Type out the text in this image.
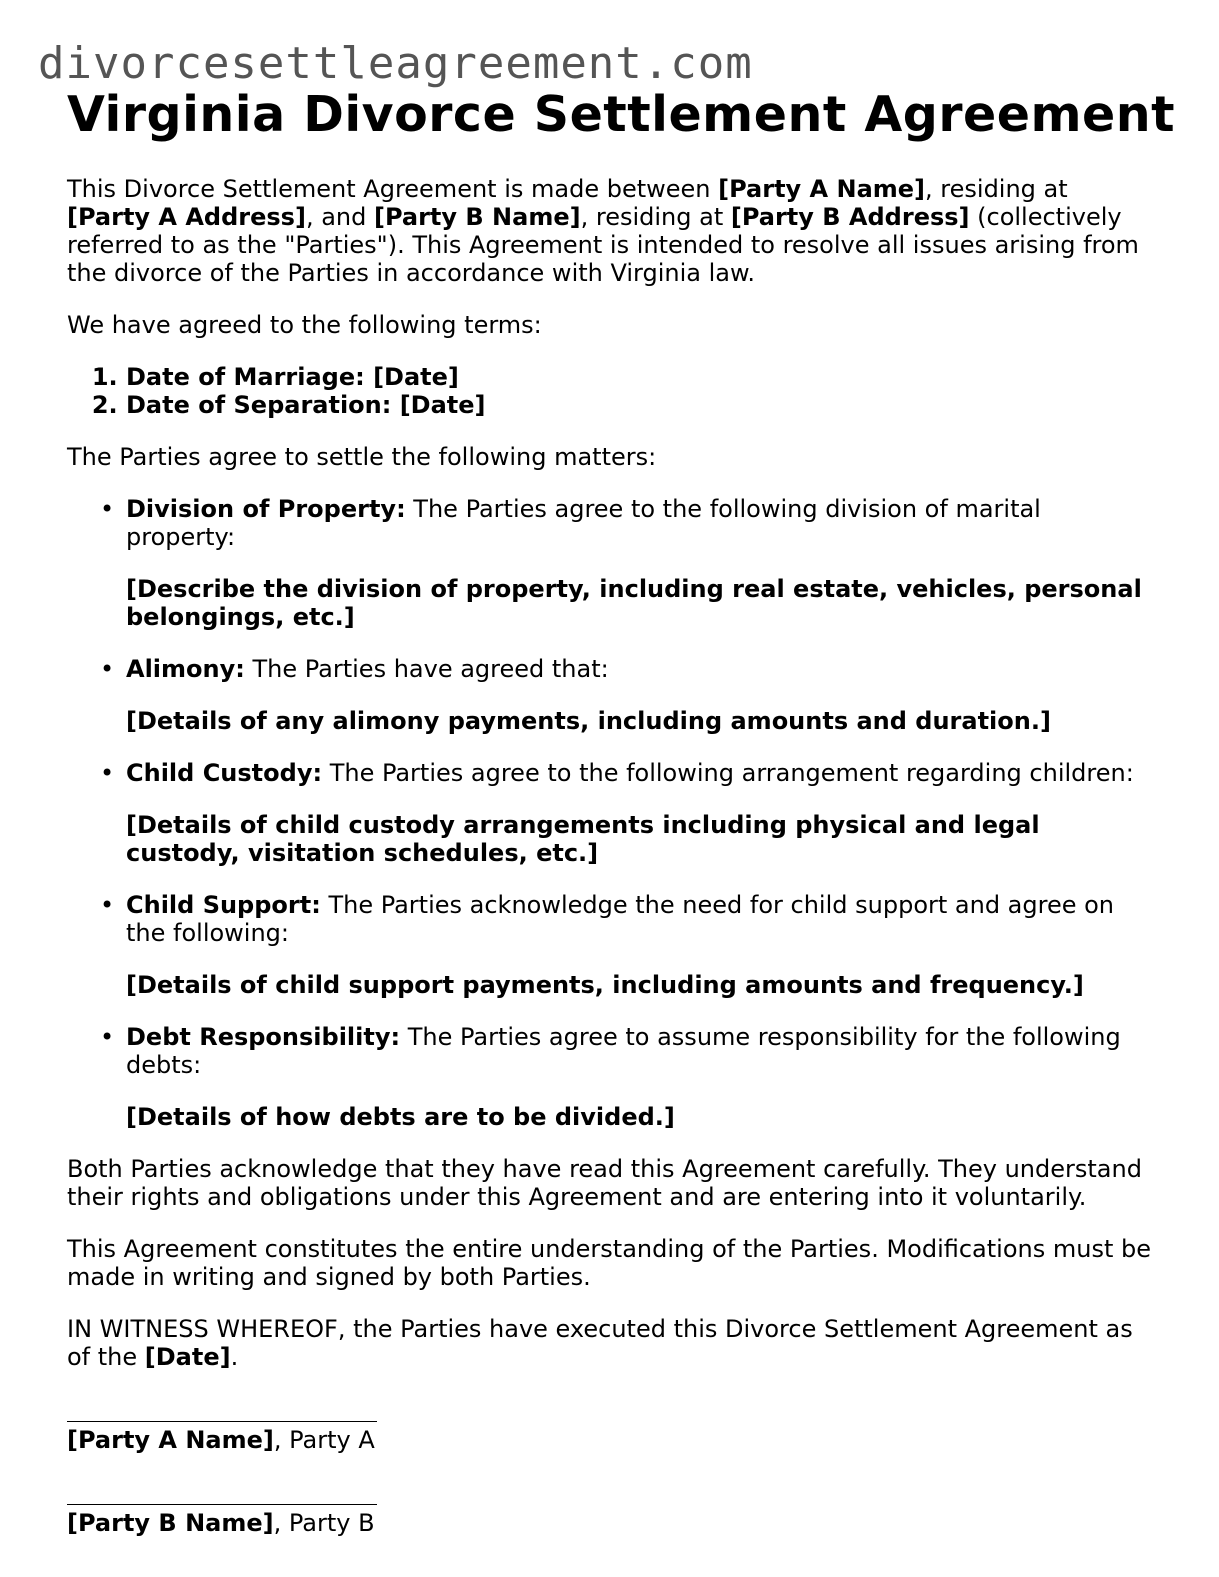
divorcesettleagreement.com
Virginia Divorce Settlement Agreement

This Divorce Settlement Agreement is made between [Party A Name], residing at [Party A Address], and [Party B Name], residing at [Party B Address] (collectively referred to as the "Parties"). This Agreement is intended to resolve all issues arising from the divorce of the Parties in accordance with Virginia law.

We have agreed to the following terms:

1. Date of Marriage: [Date]
2. Date of Separation: [Date]

The Parties agree to settle the following matters:

• Division of Property: The Parties agree to the following division of marital property:
[Describe the division of property, including real estate, vehicles, personal belongings, etc.]
• Alimony: The Parties have agreed that:
[Details of any alimony payments, including amounts and duration.]
• Child Custody: The Parties agree to the following arrangement regarding children:
[Details of child custody arrangements including physical and legal custody, visitation schedules, etc.]
• Child Support: The Parties acknowledge the need for child support and agree on the following:
[Details of child support payments, including amounts and frequency.]
• Debt Responsibility: The Parties agree to assume responsibility for the following debts:
[Details of how debts are to be divided.]

Both Parties acknowledge that they have read this Agreement carefully. They understand their rights and obligations under this Agreement and are entering into it voluntarily.

This Agreement constitutes the entire understanding of the Parties. Modifications must be made in writing and signed by both Parties.

IN WITNESS WHEREOF, the Parties have executed this Divorce Settlement Agreement as of the [Date].

[Party A Name], Party A
[Party B Name], Party B
